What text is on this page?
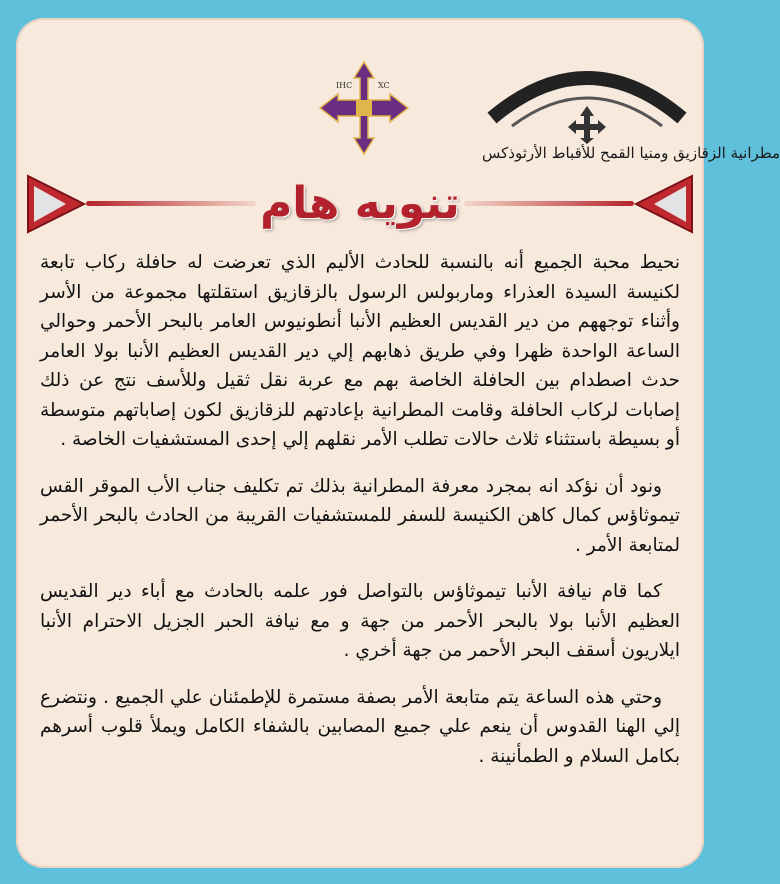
IHC	XC
مطرانية الزقازيق ومنيا القمح للأقباط الأرثوذكس
تنويه هام

نحيط محبة الجميع أنه بالنسبة للحادث الأليم الذي تعرضت له حافلة ركاب تابعة لكنيسة السيدة العذراء وماربولس الرسول بالزقازيق استقلتها مجموعة من الأسر وأثناء توجههم من دير القديس العظيم الأنبا أنطونيوس العامر بالبحر الأحمر وحوالي الساعة الواحدة ظهرا وفي طريق ذهابهم إلي دير القديس العظيم الأنبا بولا العامر حدث اصطدام بين الحافلة الخاصة بهم مع عربة نقل ثقيل وللأسف نتج عن ذلك إصابات لركاب الحافلة وقامت المطرانية بإعادتهم للزقازيق لكون إصاباتهم متوسطة أو بسيطة باستثناء ثلاث حالات تطلب الأمر نقلهم إلي إحدى المستشفيات الخاصة .

ونود أن نؤكد انه بمجرد معرفة المطرانية بذلك تم تكليف جناب الأب الموقر القس تيموثاؤس كمال كاهن الكنيسة للسفر للمستشفيات القريبة من الحادث بالبحر الأحمر لمتابعة الأمر .

كما قام نيافة الأنبا تيموثاؤس بالتواصل فور علمه بالحادث مع أباء دير القديس العظيم الأنبا بولا بالبحر الأحمر من جهة و مع نيافة الحبر الجزيل الاحترام الأنبا ايلاريون أسقف البحر الأحمر من جهة أخري .

وحتي هذه الساعة يتم متابعة الأمر بصفة مستمرة للإطمئنان علي الجميع . ونتضرع إلي الهنا القدوس أن ينعم علي جميع المصابين بالشفاء الكامل ويملأ قلوب أسرهم بكامل السلام و الطمأنينة .
